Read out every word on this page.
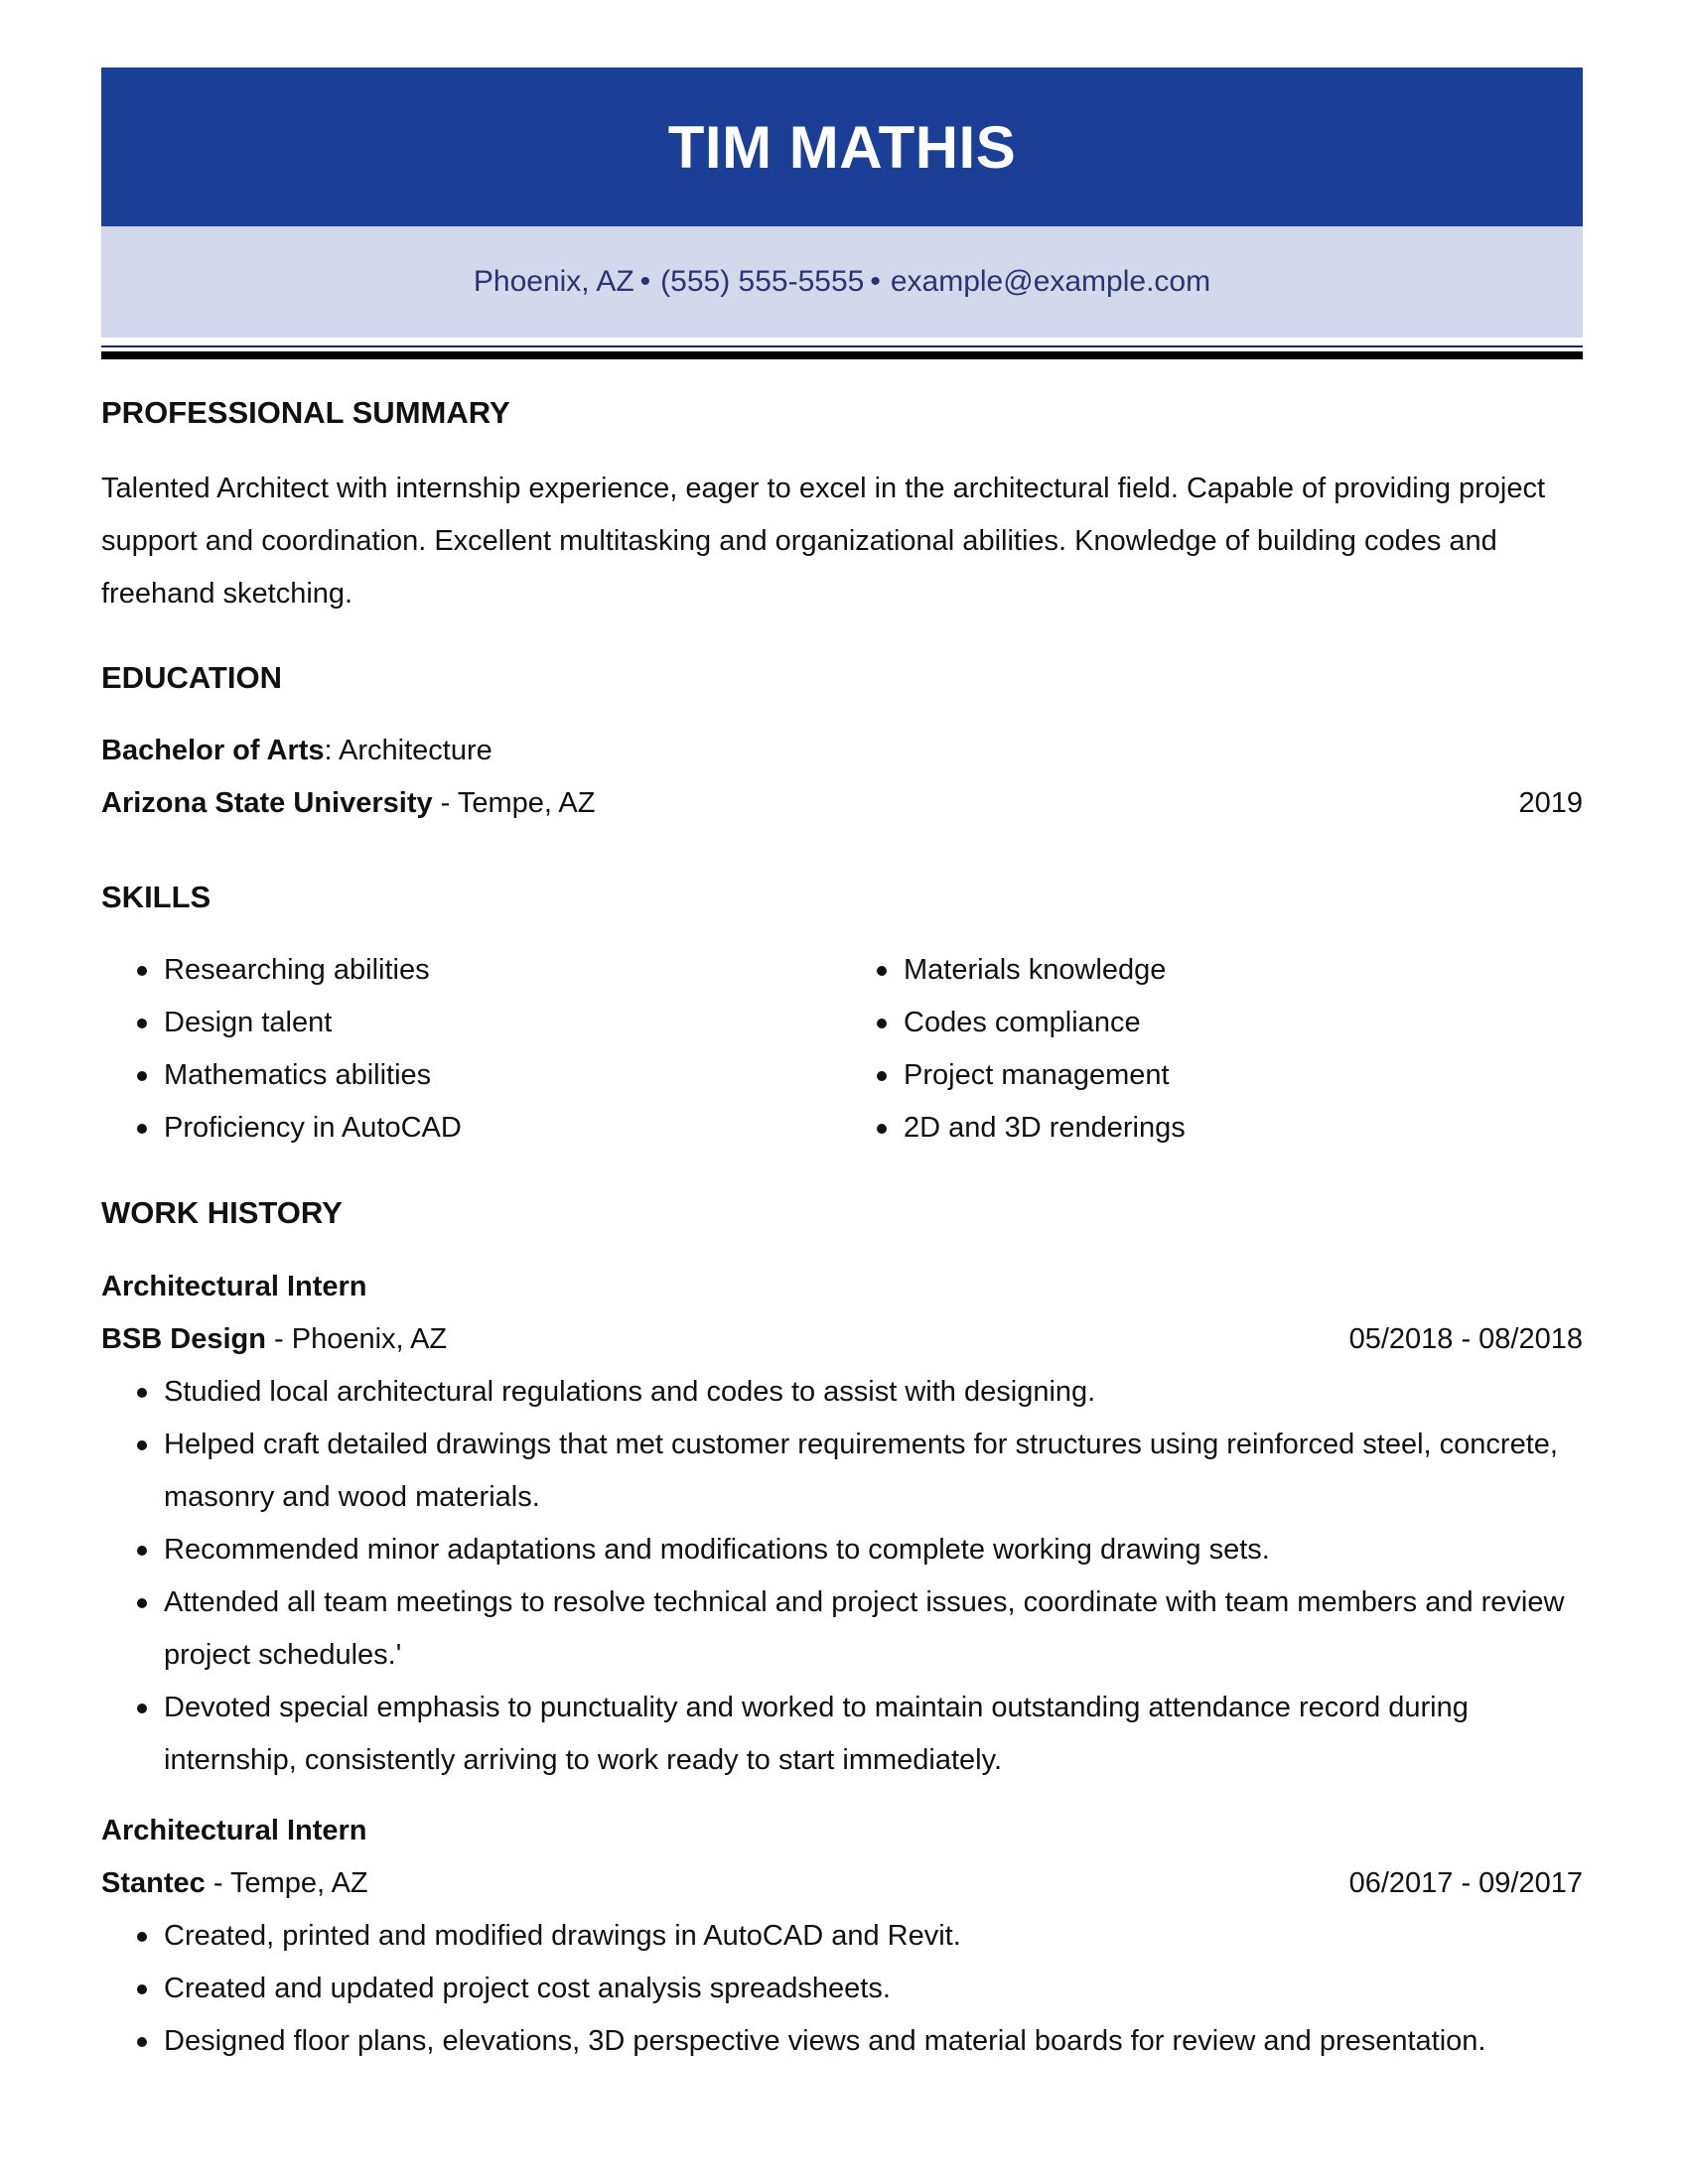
TIM MATHIS
Phoenix, AZ • (555) 555-5555 • example@example.com
PROFESSIONAL SUMMARY

Talented Architect with internship experience, eager to excel in the architectural field. Capable of providing project support and coordination. Excellent multitasking and organizational abilities. Knowledge of building codes and freehand sketching.

EDUCATION
Bachelor of Arts: Architecture
Arizona State University - Tempe, AZ	2019
SKILLS
Researching abilities
Design talent
Mathematics abilities
Proficiency in AutoCAD
Materials knowledge
Codes compliance
Project management
2D and 3D renderings
WORK HISTORY
Architectural Intern
BSB Design - Phoenix, AZ	05/2018 - 08/2018
Studied local architectural regulations and codes to assist with designing.
Helped craft detailed drawings that met customer requirements for structures using reinforced steel, concrete, masonry and wood materials.
Recommended minor adaptations and modifications to complete working drawing sets.
Attended all team meetings to resolve technical and project issues, coordinate with team members and review project schedules.'
Devoted special emphasis to punctuality and worked to maintain outstanding attendance record during internship, consistently arriving to work ready to start immediately.
Architectural Intern
Stantec - Tempe, AZ	06/2017 - 09/2017
Created, printed and modified drawings in AutoCAD and Revit.
Created and updated project cost analysis spreadsheets.
Designed floor plans, elevations, 3D perspective views and material boards for review and presentation.
